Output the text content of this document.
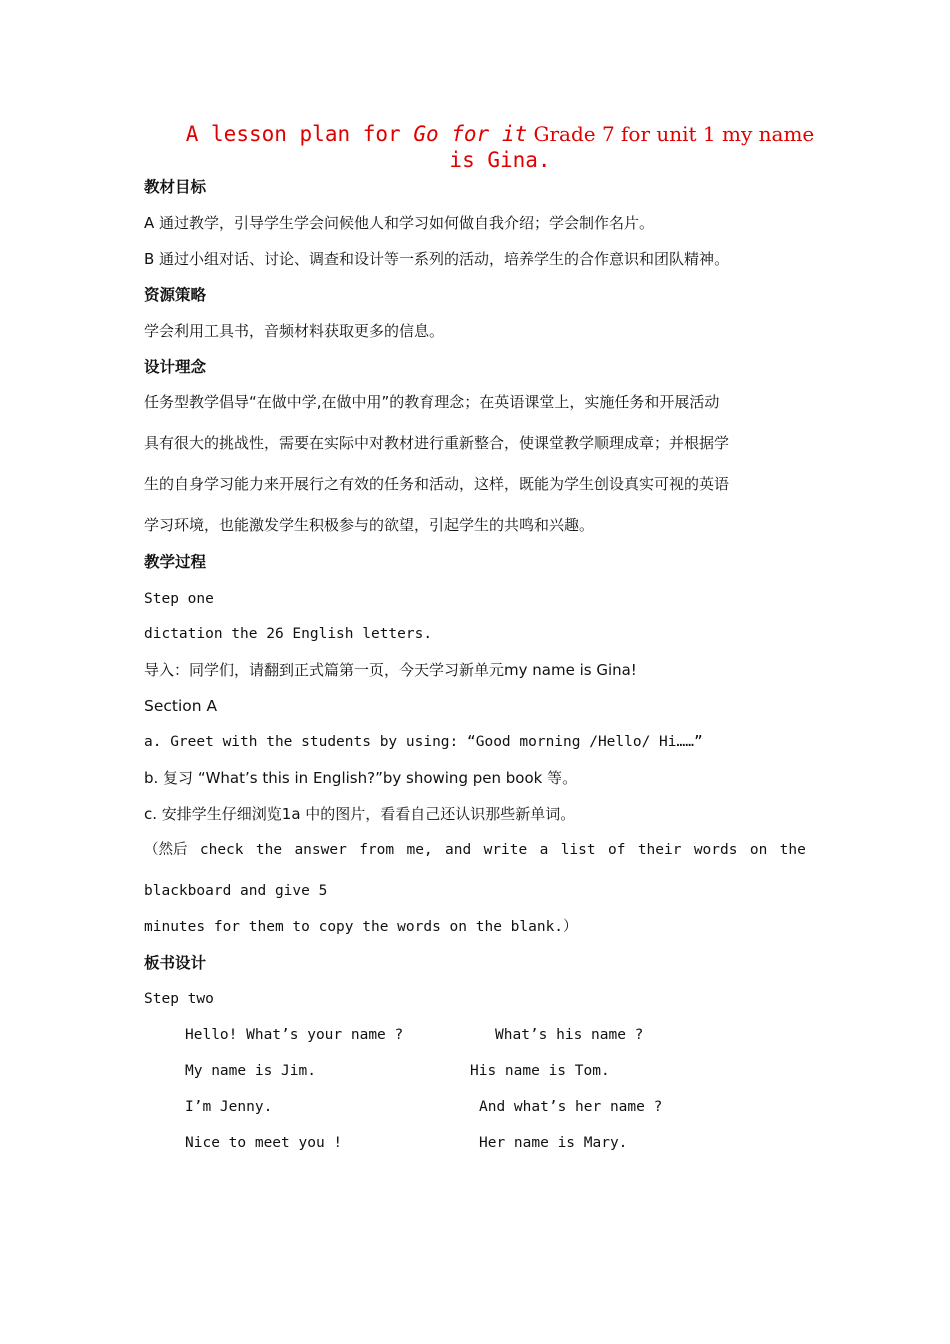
A lesson plan for Go for it Grade 7 for unit 1 my name
is Gina.
教材目标
A 通过教学，引导学生学会问候他人和学习如何做自我介绍；学会制作名片。
B 通过小组对话、讨论、调查和设计等一系列的活动，培养学生的合作意识和团队精神。
资源策略
学会利用工具书，音频材料获取更多的信息。
设计理念
任务型教学倡导“在做中学,在做中用”的教育理念；在英语课堂上，实施任务和开展活动
具有很大的挑战性，需要在实际中对教材进行重新整合，使课堂教学顺理成章；并根据学
生的自身学习能力来开展行之有效的任务和活动，这样，既能为学生创设真实可视的英语
学习环境，也能激发学生积极参与的欲望，引起学生的共鸣和兴趣。
教学过程
Step one
dictation the 26 English letters.
导入：同学们，请翻到正式篇第一页，今天学习新单元my name is Gina!
Section A
a. Greet with the students by using: “Good morning /Hello/ Hi……”
b. 复习 “What’s this in English?”by showing pen book 等。
c. 安排学生仔细浏览1a 中的图片，看看自己还认识那些新单词。
（然后 check the answer from me, and write a list of their words on the
blackboard and give 5
minutes for them to copy the words on the blank.）
板书设计
Step two
Hello! What’s your name ?
My name is Jim.
I’m Jenny.
Nice to meet you !
What’s his name ?
His name is Tom.
And what’s her name ?
Her name is Mary.
